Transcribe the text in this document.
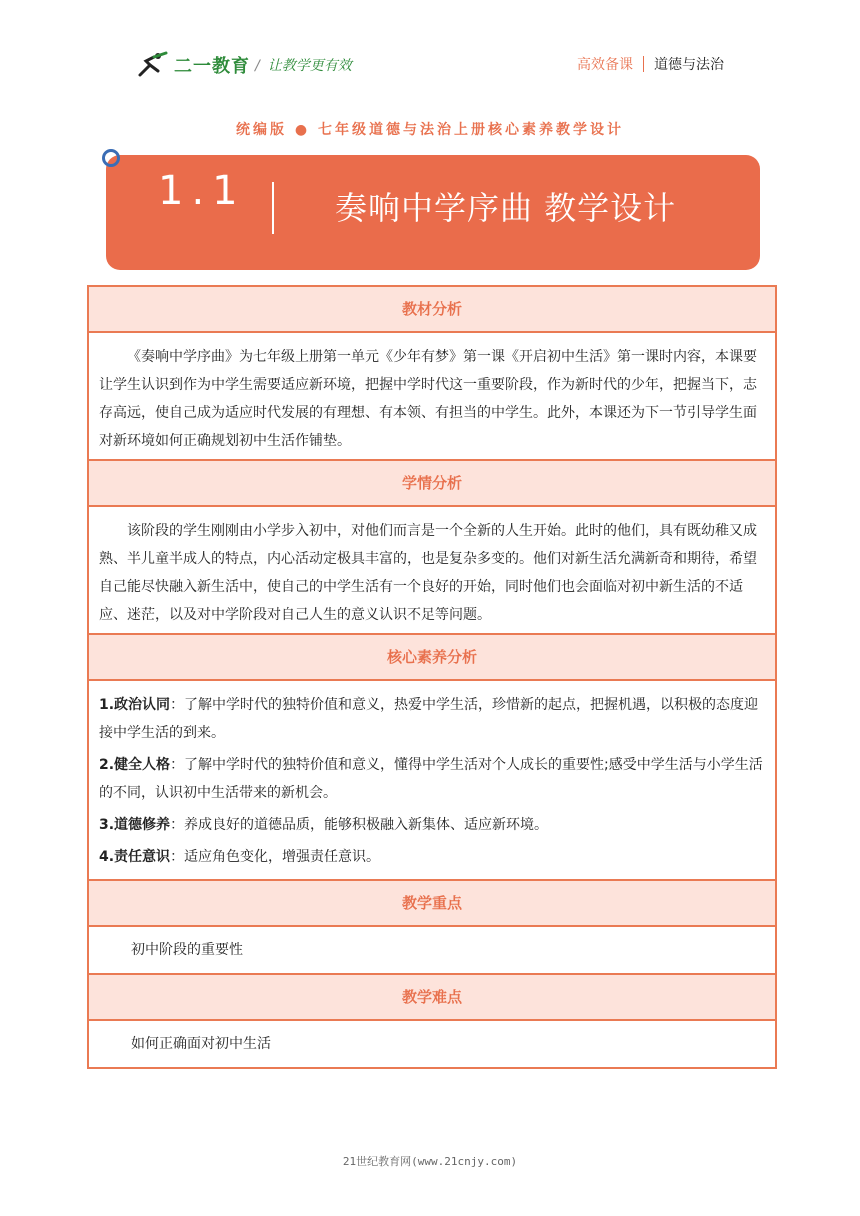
二一教育 / 让教学更有效	高效备课 道德与法治
统编版 ● 七年级道德与法治上册核心素养教学设计
1.1	奏响中学序曲 教学设计
教材分析

《奏响中学序曲》为七年级上册第一单元《少年有梦》第一课《开启初中生活》第一课时内容，本课要让学生认识到作为中学生需要适应新环境，把握中学时代这一重要阶段，作为新时代的少年，把握当下，志存高远，使自己成为适应时代发展的有理想、有本领、有担当的中学生。此外，本课还为下一节引导学生面对新环境如何正确规划初中生活作铺垫。

学情分析

该阶段的学生刚刚由小学步入初中，对他们而言是一个全新的人生开始。此时的他们，具有既幼稚又成熟、半儿童半成人的特点，内心活动定极具丰富的，也是复杂多变的。他们对新生活允满新奇和期待，希望自己能尽快融入新生活中，使自己的中学生活有一个良好的开始，同时他们也会面临对初中新生活的不适应、迷茫，以及对中学阶段对自己人生的意义认识不足等问题。

核心素养分析

1.政治认同：了解中学时代的独特价值和意义，热爱中学生活，珍惜新的起点，把握机遇，以积极的态度迎接中学生活的到来。

2.健全人格：了解中学时代的独特价值和意义，懂得中学生活对个人成长的重要性;感受中学生活与小学生活的不同，认识初中生活带来的新机会。

3.道德修养：养成良好的道德品质，能够积极融入新集体、适应新环境。

4.责任意识：适应角色变化，增强责任意识。

教学重点
初中阶段的重要性
教学难点
如何正确面对初中生活
21世纪教育网(www.21cnjy.com)
